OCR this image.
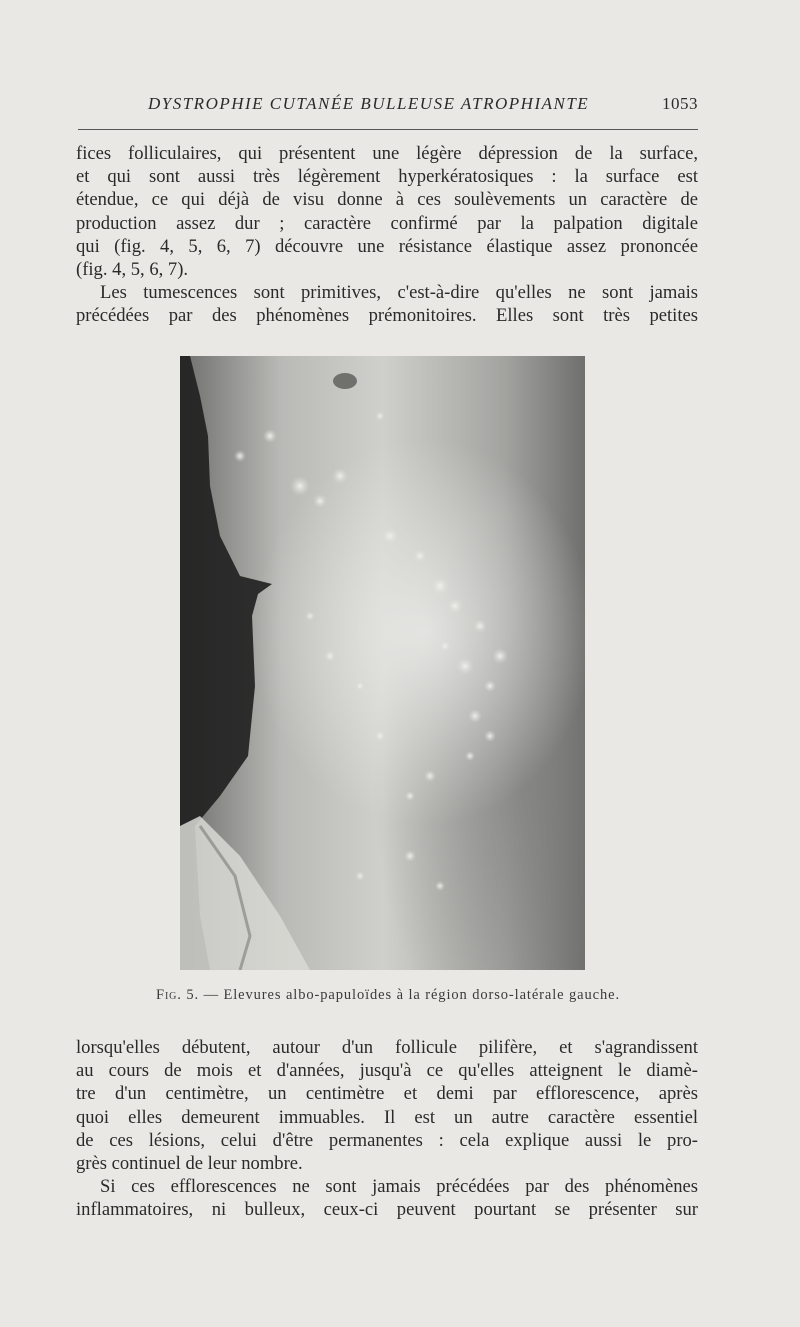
DYSTROPHIE CUTANÉE BULLEUSE ATROPHIANTE	1053
fices folliculaires, qui présentent une légère dépression de la surface,
et qui sont aussi très légèrement hyperkératosiques : la surface est
étendue, ce qui déjà de visu donne à ces soulèvements un caractère de
production assez dur ; caractère confirmé par la palpation digitale
qui (fig. 4, 5, 6, 7) découvre une résistance élastique assez prononcée
(fig. 4, 5, 6, 7).
Les tumescences sont primitives, c'est-à-dire qu'elles ne sont jamais
précédées par des phénomènes prémonitoires. Elles sont très petites
Fig. 5. — Elevures albo-papuloïdes à la région dorso-latérale gauche.
lorsqu'elles débutent, autour d'un follicule pilifère, et s'agrandissent
au cours de mois et d'années, jusqu'à ce qu'elles atteignent le diamè-
tre d'un centimètre, un centimètre et demi par efflorescence, après
quoi elles demeurent immuables. Il est un autre caractère essentiel
de ces lésions, celui d'être permanentes : cela explique aussi le pro-
grès continuel de leur nombre.
Si ces efflorescences ne sont jamais précédées par des phénomènes
inflammatoires, ni bulleux, ceux-ci peuvent pourtant se présenter sur
